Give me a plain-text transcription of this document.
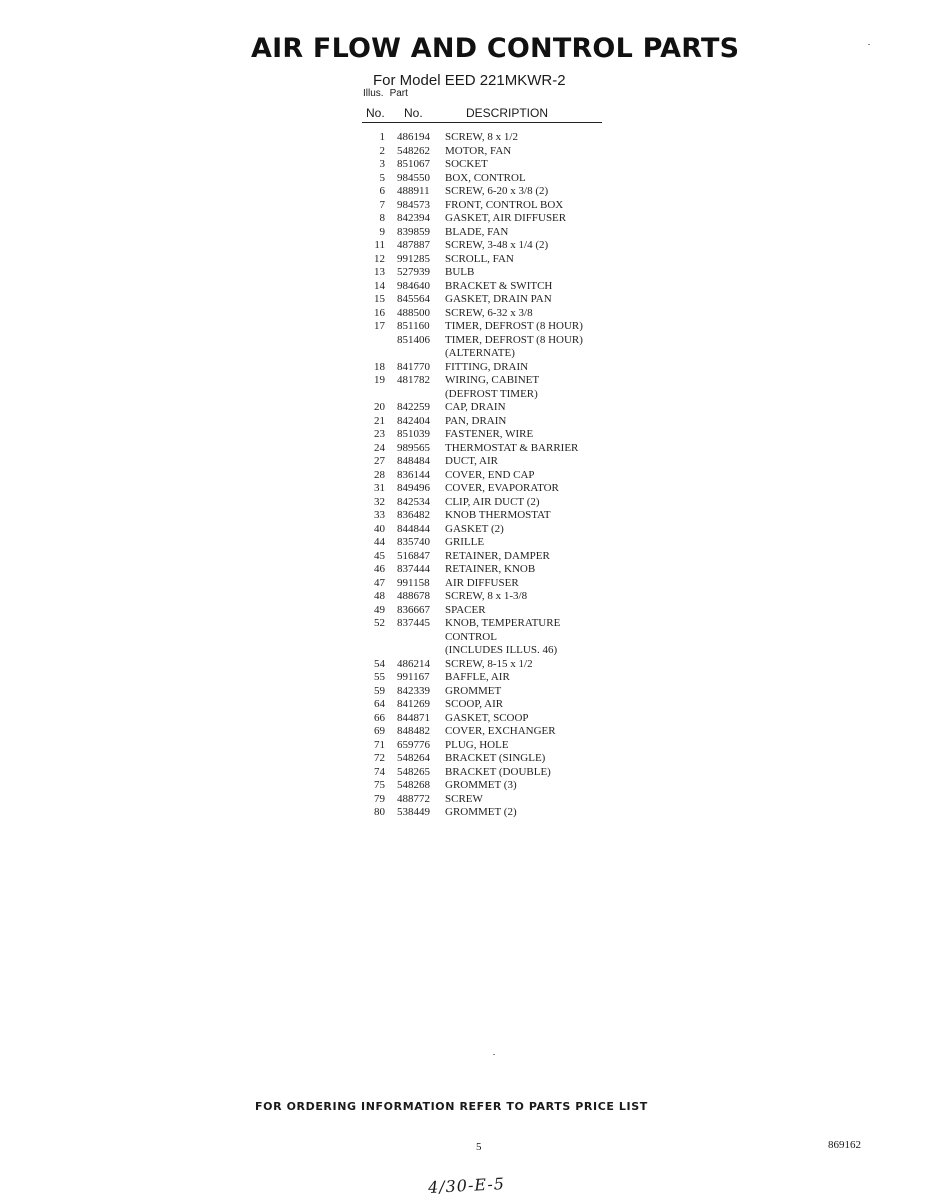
AIR FLOW AND CONTROL PARTS
For Model EED 221MKWR-2
Illus. Part
No. No.	DESCRIPTION
1	486194	SCREW, 8 x 1/2
2	548262	MOTOR, FAN
3	851067	SOCKET
5	984550	BOX, CONTROL
6	488911	SCREW, 6-20 x 3/8 (2)
7	984573	FRONT, CONTROL BOX
8	842394	GASKET, AIR DIFFUSER
9	839859	BLADE, FAN
11	487887	SCREW, 3-48 x 1/4 (2)
12	991285	SCROLL, FAN
13	527939	BULB
14	984640	BRACKET & SWITCH
15	845564	GASKET, DRAIN PAN
16	488500	SCREW, 6-32 x 3/8
17	851160	TIMER, DEFROST (8 HOUR)
851406	TIMER, DEFROST (8 HOUR)
(ALTERNATE)
18	841770	FITTING, DRAIN
19	481782	WIRING, CABINET
(DEFROST TIMER)
20	842259	CAP, DRAIN
21	842404	PAN, DRAIN
23	851039	FASTENER, WIRE
24	989565	THERMOSTAT & BARRIER
27	848484	DUCT, AIR
28	836144	COVER, END CAP
31	849496	COVER, EVAPORATOR
32	842534	CLIP, AIR DUCT (2)
33	836482	KNOB THERMOSTAT
40	844844	GASKET (2)
44	835740	GRILLE
45	516847	RETAINER, DAMPER
46	837444	RETAINER, KNOB
47	991158	AIR DIFFUSER
48	488678	SCREW, 8 x 1-3/8
49	836667	SPACER
52	837445	KNOB, TEMPERATURE
CONTROL
(INCLUDES ILLUS. 46)
54	486214	SCREW, 8-15 x 1/2
55	991167	BAFFLE, AIR
59	842339	GROMMET
64	841269	SCOOP, AIR
66	844871	GASKET, SCOOP
69	848482	COVER, EXCHANGER
71	659776	PLUG, HOLE
72	548264	BRACKET (SINGLE)
74	548265	BRACKET (DOUBLE)
75	548268	GROMMET (3)
79	488772	SCREW
80	538449	GROMMET (2)
FOR ORDERING INFORMATION REFER TO PARTS PRICE LIST
5	869162
4/30-E-5
